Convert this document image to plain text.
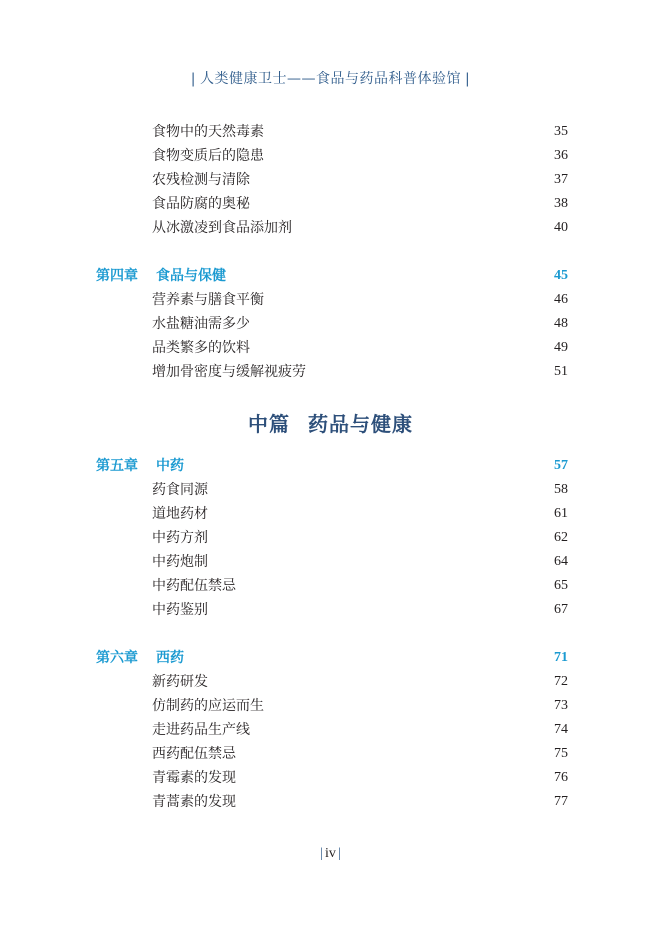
| 人类健康卫士——食品与药品科普体验馆 |
食物中的天然毒素	35
食物变质后的隐患	36
农残检测与清除	37
食品防腐的奥秘	38
从冰激凌到食品添加剂	40
第四章	食品与保健	45
营养素与膳食平衡	46
水盐糖油需多少	48
品类繁多的饮料	49
增加骨密度与缓解视疲劳	51
中篇 药品与健康
第五章	中药	57
药食同源	58
道地药材	61
中药方剂	62
中药炮制	64
中药配伍禁忌	65
中药鉴别	67
第六章	西药	71
新药研发	72
仿制药的应运而生	73
走进药品生产线	74
西药配伍禁忌	75
青霉素的发现	76
青蒿素的发现	77
| iv |
